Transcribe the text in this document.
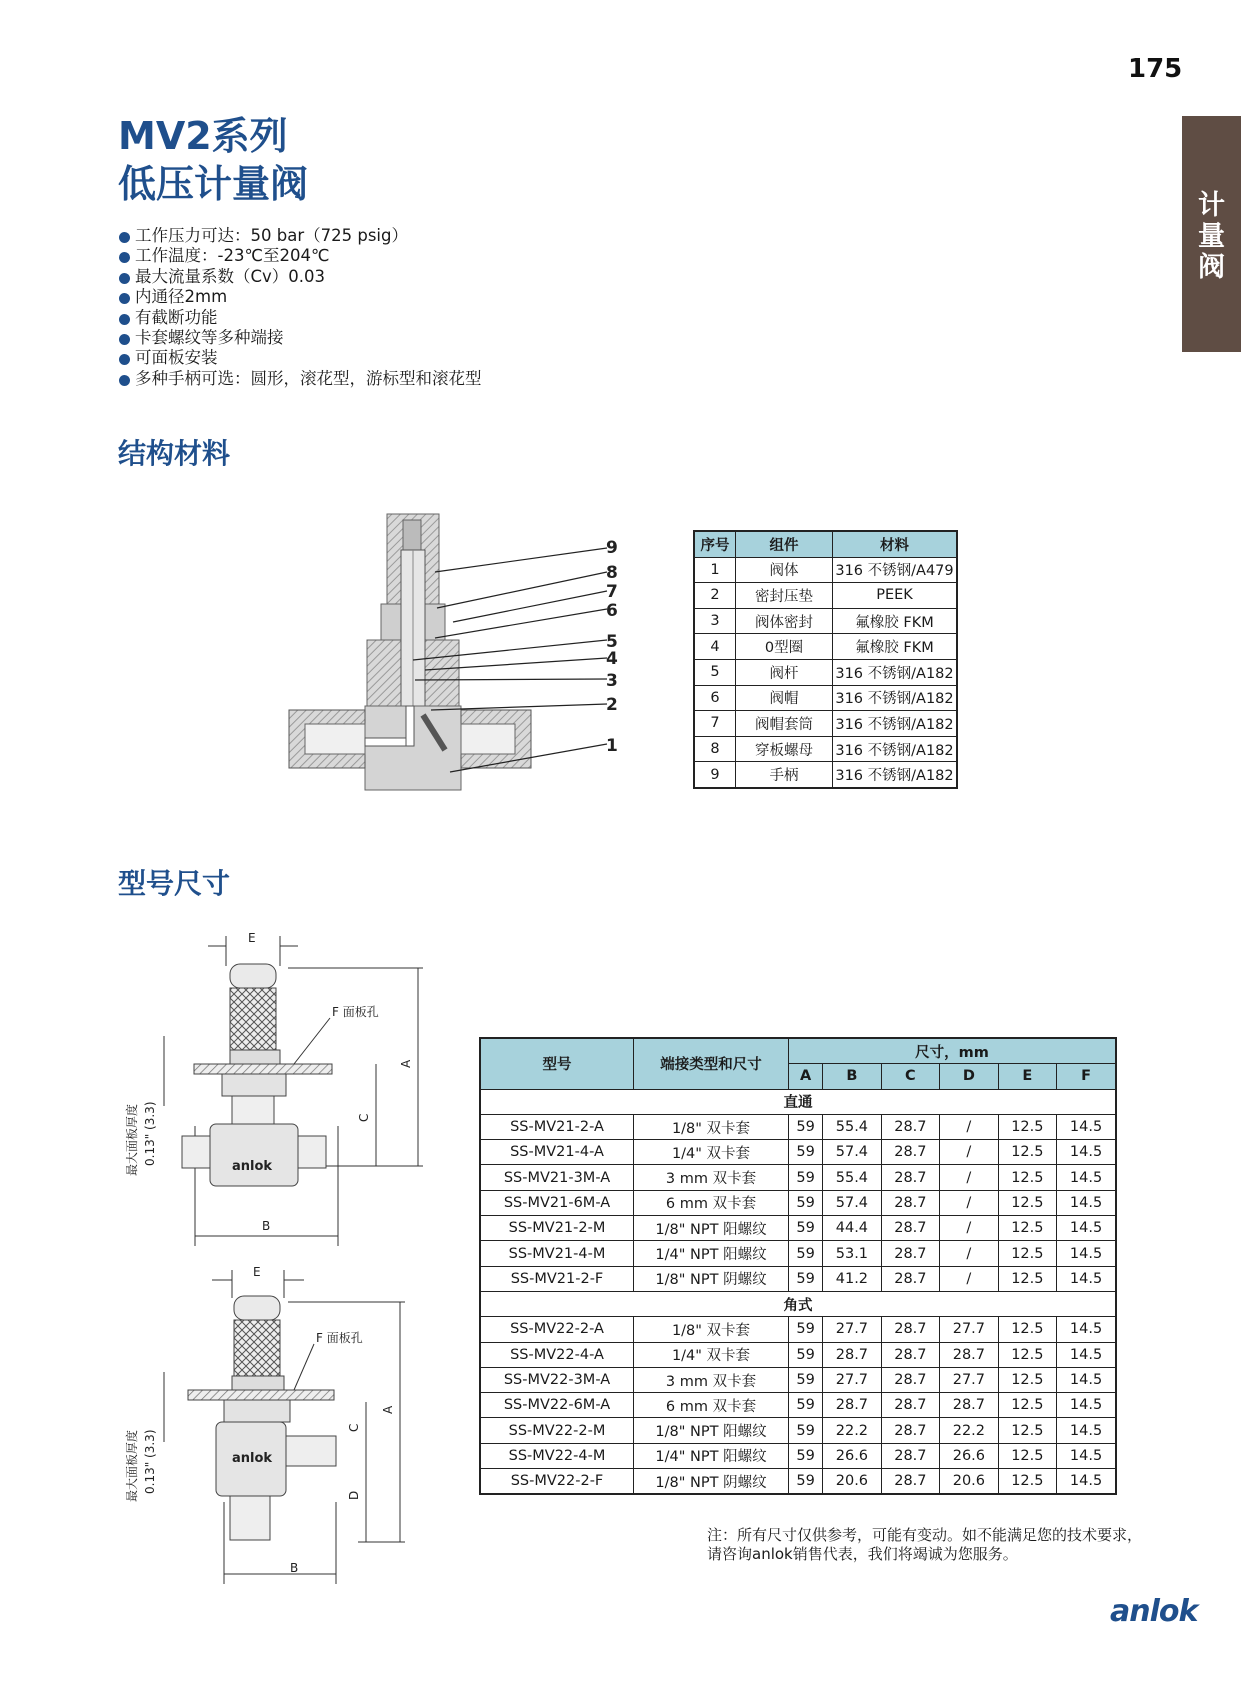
175
计
量
阀
MV2系列
低压计量阀
工作压力可达：50 bar（725 psig）
工作温度：-23℃至204℃
最大流量系数（Cv）0.03
内通径2mm
有截断功能
卡套螺纹等多种端接
可面板安装
多种手柄可选：圆形，滚花型，游标型和滚花型
结构材料
9
8
7
6
5
4
3
2
1
序号	组件	材料
1	阀体	316 不锈钢/A479
2	密封压垫	PEEK
3	阀体密封	氟橡胶 FKM
4	0型圈	氟橡胶 FKM
5	阀杆	316 不锈钢/A182
6	阀帽	316 不锈钢/A182
7	阀帽套筒	316 不锈钢/A182
8	穿板螺母	316 不锈钢/A182
9	手柄	316 不锈钢/A182
型号尺寸
anlok
E
A
C
B
F 面板孔
最大面板厚度 0.13" (3.3)
anlok
E
A
C
D
B
F 面板孔
最大面板厚度 0.13" (3.3)
型号	端接类型和尺寸	尺寸，mm					
		A	B	C	D	E	F
直通							
SS-MV21-2-A	1/8" 双卡套	59	55.4	28.7	/	12.5	14.5
SS-MV21-4-A	1/4" 双卡套	59	57.4	28.7	/	12.5	14.5
SS-MV21-3M-A	3 mm 双卡套	59	55.4	28.7	/	12.5	14.5
SS-MV21-6M-A	6 mm 双卡套	59	57.4	28.7	/	12.5	14.5
SS-MV21-2-M	1/8" NPT 阳螺纹	59	44.4	28.7	/	12.5	14.5
SS-MV21-4-M	1/4" NPT 阳螺纹	59	53.1	28.7	/	12.5	14.5
SS-MV21-2-F	1/8" NPT 阴螺纹	59	41.2	28.7	/	12.5	14.5
角式							
SS-MV22-2-A	1/8" 双卡套	59	27.7	28.7	27.7	12.5	14.5
SS-MV22-4-A	1/4" 双卡套	59	28.7	28.7	28.7	12.5	14.5
SS-MV22-3M-A	3 mm 双卡套	59	27.7	28.7	27.7	12.5	14.5
SS-MV22-6M-A	6 mm 双卡套	59	28.7	28.7	28.7	12.5	14.5
SS-MV22-2-M	1/8" NPT 阳螺纹	59	22.2	28.7	22.2	12.5	14.5
SS-MV22-4-M	1/4" NPT 阳螺纹	59	26.6	28.7	26.6	12.5	14.5
SS-MV22-2-F	1/8" NPT 阴螺纹	59	20.6	28.7	20.6	12.5	14.5
注：所有尺寸仅供参考，可能有变动。如不能满足您的技术要求，
请咨询anlok销售代表，我们将竭诚为您服务。
anlok
